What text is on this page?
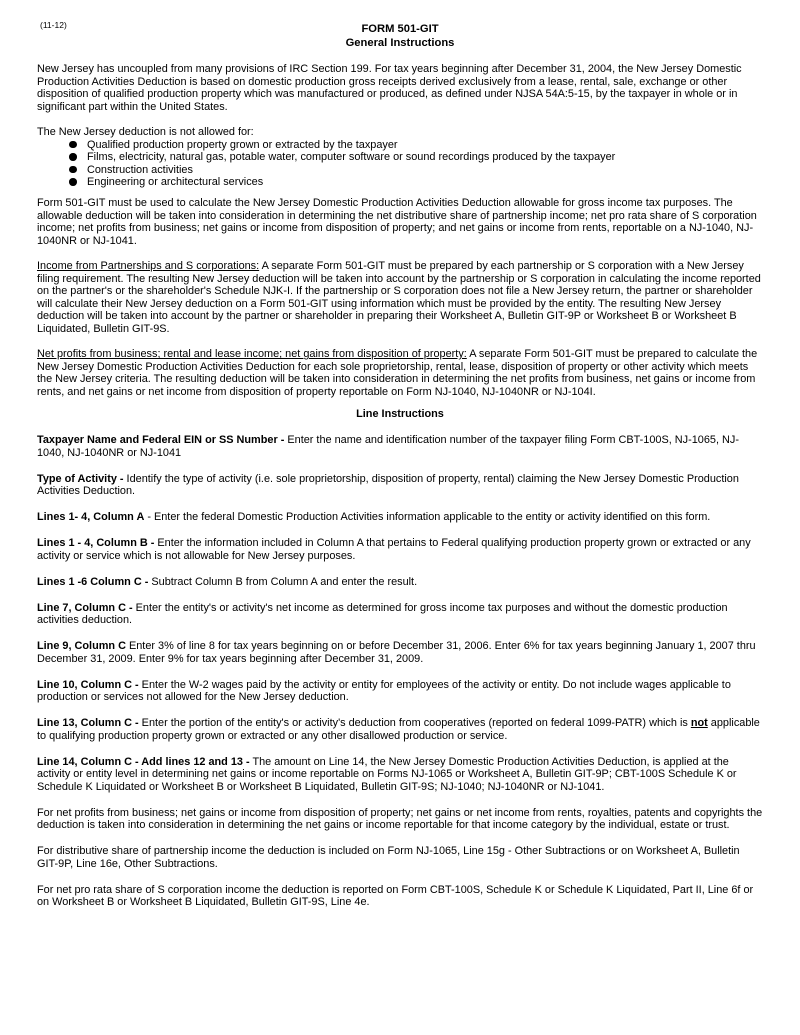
(11-12)	FORM 501-GIT
General Instructions

New Jersey has uncoupled from many provisions of IRC Section 199. For tax years beginning after December 31, 2004, the New Jersey Domestic Production Activities Deduction is based on domestic production gross receipts derived exclusively from a lease, rental, sale, exchange or other disposition of qualified production property which was manufactured or produced, as defined under NJSA 54A:5-15, by the taxpayer in whole or in significant part within the United States.

The New Jersey deduction is not allowed for:

Qualified production property grown or extracted by the taxpayer
Films, electricity, natural gas, potable water, computer software or sound recordings produced by the taxpayer
Construction activities
Engineering or architectural services

Form 501-GIT must be used to calculate the New Jersey Domestic Production Activities Deduction allowable for gross income tax purposes. The allowable deduction will be taken into consideration in determining the net distributive share of partnership income; net pro rata share of S corporation income; net profits from business; net gains or income from disposition of property; and net gains or income from rents, reportable on a NJ-1040, NJ-1040NR or NJ-1041.

Income from Partnerships and S corporations: A separate Form 501-GIT must be prepared by each partnership or S corporation with a New Jersey filing requirement. The resulting New Jersey deduction will be taken into account by the partnership or S corporation in calculating the income reported on the partner's or the shareholder's Schedule NJK-I. If the partnership or S corporation does not file a New Jersey return, the partner or shareholder will calculate their New Jersey deduction on a Form 501-GIT using information which must be provided by the entity. The resulting New Jersey deduction will be taken into account by the partner or shareholder in preparing their Worksheet A, Bulletin GIT-9P or Worksheet B or Worksheet B Liquidated, Bulletin GIT-9S.

Net profits from business; rental and lease income; net gains from disposition of property: A separate Form 501-GIT must be prepared to calculate the New Jersey Domestic Production Activities Deduction for each sole proprietorship, rental, lease, disposition of property or other activity which meets the New Jersey criteria. The resulting deduction will be taken into consideration in determining the net profits from business, net gains or income from rents, and net gains or net income from disposition of property reportable on Form NJ-1040, NJ-1040NR or NJ-104I.

Line Instructions

Taxpayer Name and Federal EIN or SS Number - Enter the name and identification number of the taxpayer filing Form CBT-100S, NJ-1065, NJ-1040, NJ-1040NR or NJ-1041

Type of Activity - Identify the type of activity (i.e. sole proprietorship, disposition of property, rental) claiming the New Jersey Domestic Production Activities Deduction.

Lines 1- 4, Column A - Enter the federal Domestic Production Activities information applicable to the entity or activity identified on this form.

Lines 1 - 4, Column B - Enter the information included in Column A that pertains to Federal qualifying production property grown or extracted or any activity or service which is not allowable for New Jersey purposes.

Lines 1 -6 Column C - Subtract Column B from Column A and enter the result.

Line 7, Column C - Enter the entity's or activity's net income as determined for gross income tax purposes and without the domestic production activities deduction.

Line 9, Column C Enter 3% of line 8 for tax years beginning on or before December 31, 2006. Enter 6% for tax years beginning January 1, 2007 thru December 31, 2009. Enter 9% for tax years beginning after December 31, 2009.

Line 10, Column C - Enter the W-2 wages paid by the activity or entity for employees of the activity or entity. Do not include wages applicable to production or services not allowed for the New Jersey deduction.

Line 13, Column C - Enter the portion of the entity's or activity's deduction from cooperatives (reported on federal 1099-PATR) which is not applicable to qualifying production property grown or extracted or any other disallowed production or service.

Line 14, Column C - Add lines 12 and 13 - The amount on Line 14, the New Jersey Domestic Production Activities Deduction, is applied at the activity or entity level in determining net gains or income reportable on Forms NJ-1065 or Worksheet A, Bulletin GIT-9P; CBT-100S Schedule K or Schedule K Liquidated or Worksheet B or Worksheet B Liquidated, Bulletin GIT-9S; NJ-1040; NJ-1040NR or NJ-1041.

For net profits from business; net gains or income from disposition of property; net gains or net income from rents, royalties, patents and copyrights the deduction is taken into consideration in determining the net gains or income reportable for that income category by the individual, estate or trust.

For distributive share of partnership income the deduction is included on Form NJ-1065, Line 15g - Other Subtractions or on Worksheet A, Bulletin GIT-9P, Line 16e, Other Subtractions.

For net pro rata share of S corporation income the deduction is reported on Form CBT-100S, Schedule K or Schedule K Liquidated, Part II, Line 6f or on Worksheet B or Worksheet B Liquidated, Bulletin GIT-9S, Line 4e.
